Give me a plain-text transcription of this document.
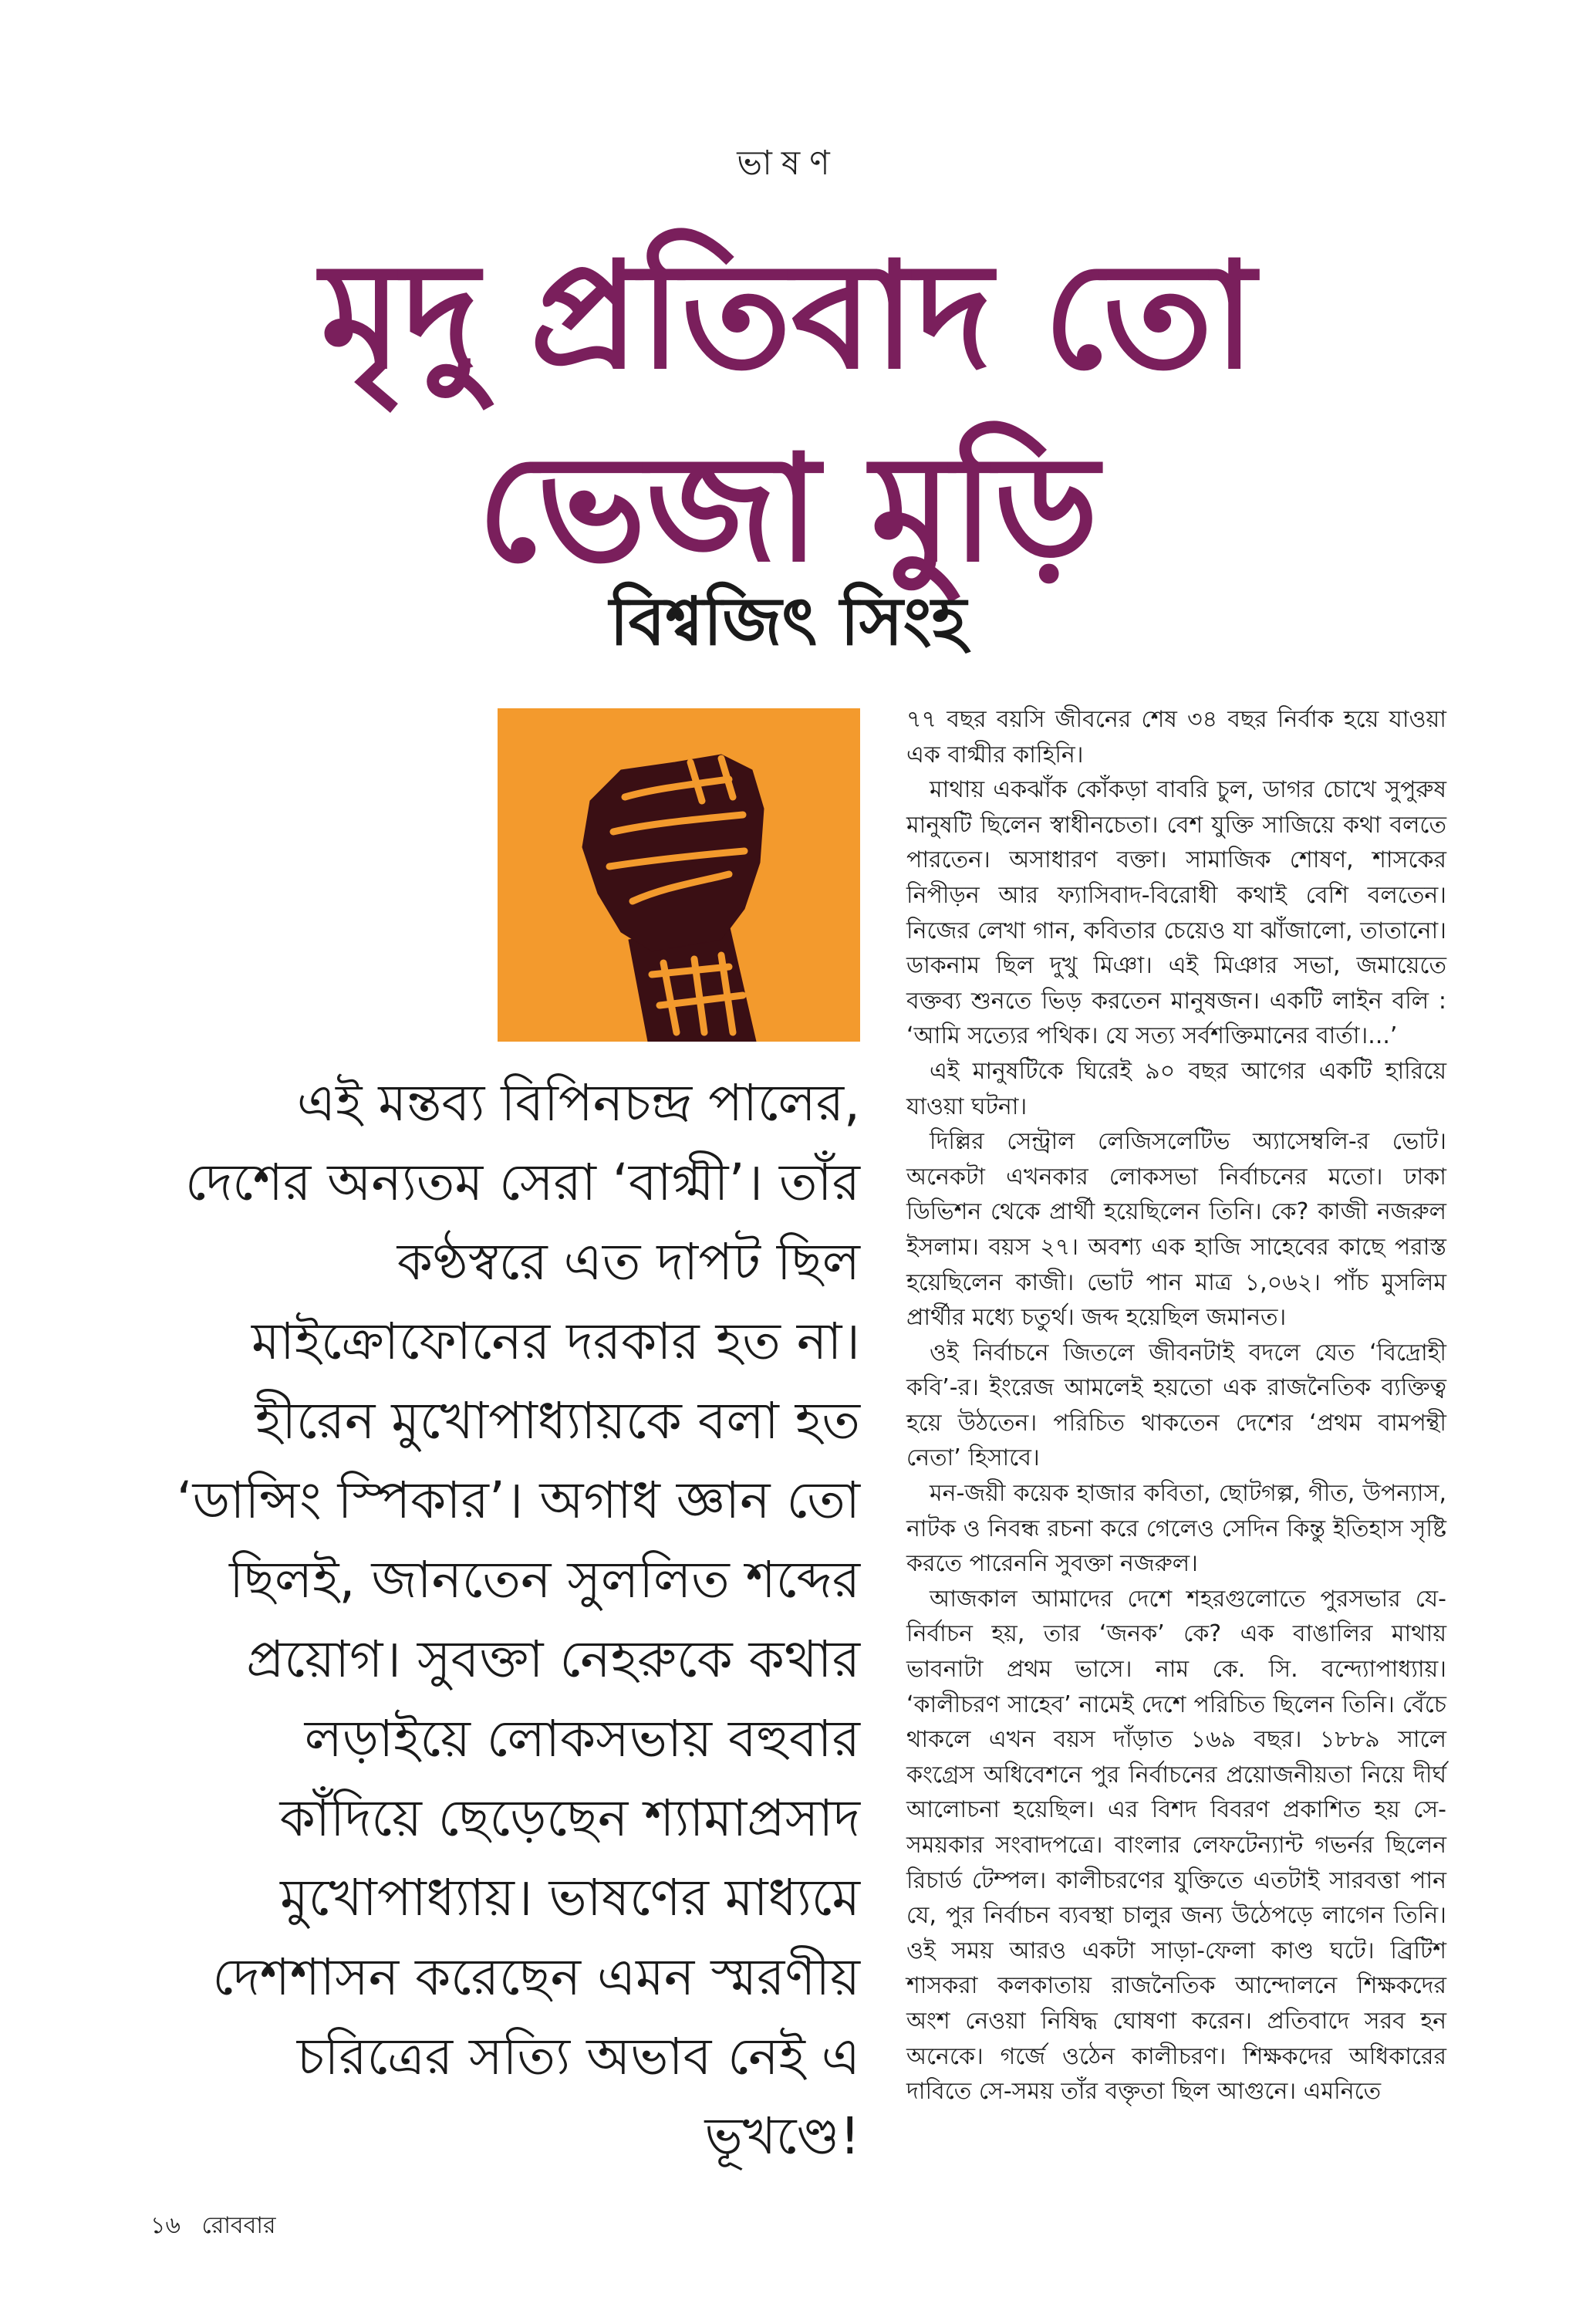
ভাষণ
মৃদু প্রতিবাদ তো
ভেজা মুড়ি
বিশ্বজিৎ সিংহ

এই মন্তব্য বিপিনচন্দ্র পালের, দেশের অন্যতম সেরা ‘বাগ্মী’। তাঁর কণ্ঠস্বরে এত দাপট ছিল মাইক্রোফোনের দরকার হত না। হীরেন মুখোপাধ্যায়কে বলা হত ‘ডান্সিং স্পিকার’। অগাধ জ্ঞান তো ছিলই, জানতেন সুললিত শব্দের প্রয়োগ। সুবক্তা নেহরুকে কথার লড়াইয়ে লোকসভায় বহুবার কাঁদিয়ে ছেড়েছেন শ্যামাপ্রসাদ মুখোপাধ্যায়। ভাষণের মাধ্যমে দেশশাসন করেছেন এমন স্মরণীয় চরিত্রের সত্যি অভাব নেই এ ভূখণ্ডে!

৭৭ বছর বয়সি জীবনের শেষ ৩৪ বছর নির্বাক হয়ে যাওয়া এক বাগ্মীর কাহিনি।

মাথায় একঝাঁক কোঁকড়া বাবরি চুল, ডাগর চোখে সুপুরুষ মানুষটি ছিলেন স্বাধীনচেতা। বেশ যুক্তি সাজিয়ে কথা বলতে পারতেন। অসাধারণ বক্তা। সামাজিক শোষণ, শাসকের নিপীড়ন আর ফ্যাসিবাদ-বিরোধী কথাই বেশি বলতেন। নিজের লেখা গান, কবিতার চেয়েও যা ঝাঁজালো, তাতানো। ডাকনাম ছিল দুখু মিঞা। এই মিঞার সভা, জমায়েতে বক্তব্য শুনতে ভিড় করতেন মানুষজন। একটি লাইন বলি : ‘আমি সত্যের পথিক। যে সত্য সর্বশক্তিমানের বার্তা।...’

এই মানুষটিকে ঘিরেই ৯০ বছর আগের একটি হারিয়ে যাওয়া ঘটনা।

দিল্লির সেন্ট্রাল লেজিসলেটিভ অ্যাসেম্বলি-র ভোট। অনেকটা এখনকার লোকসভা নির্বাচনের মতো। ঢাকা ডিভিশন থেকে প্রার্থী হয়েছিলেন তিনি। কে? কাজী নজরুল ইসলাম। বয়স ২৭। অবশ্য এক হাজি সাহেবের কাছে পরাস্ত হয়েছিলেন কাজী। ভোট পান মাত্র ১,০৬২। পাঁচ মুসলিম প্রার্থীর মধ্যে চতুর্থ। জব্দ হয়েছিল জমানত।

ওই নির্বাচনে জিতলে জীবনটাই বদলে যেত ‘বিদ্রোহী কবি’-র। ইংরেজ আমলেই হয়তো এক রাজনৈতিক ব্যক্তিত্ব হয়ে উঠতেন। পরিচিত থাকতেন দেশের ‘প্রথম বামপন্থী নেতা’ হিসাবে।

মন-জয়ী কয়েক হাজার কবিতা, ছোটগল্প, গীত, উপন্যাস, নাটক ও নিবন্ধ রচনা করে গেলেও সেদিন কিন্তু ইতিহাস সৃষ্টি করতে পারেননি সুবক্তা নজরুল।

আজকাল আমাদের দেশে শহরগুলোতে পুরসভার যে-নির্বাচন হয়, তার ‘জনক’ কে? এক বাঙালির মাথায় ভাবনাটা প্রথম ভাসে। নাম কে. সি. বন্দ্যোপাধ্যায়। ‘কালীচরণ সাহেব’ নামেই দেশে পরিচিত ছিলেন তিনি। বেঁচে থাকলে এখন বয়স দাঁড়াত ১৬৯ বছর। ১৮৮৯ সালে কংগ্রেস অধিবেশনে পুর নির্বাচনের প্রয়োজনীয়তা নিয়ে দীর্ঘ আলোচনা হয়েছিল। এর বিশদ বিবরণ প্রকাশিত হয় সে-সময়কার সংবাদপত্রে। বাংলার লেফটেন্যান্ট গভর্নর ছিলেন রিচার্ড টেম্পল। কালীচরণের যুক্তিতে এতটাই সারবত্তা পান যে, পুর নির্বাচন ব্যবস্থা চালুর জন্য উঠেপড়ে লাগেন তিনি। ওই সময় আরও একটা সাড়া-ফেলা কাণ্ড ঘটে। ব্রিটিশ শাসকরা কলকাতায় রাজনৈতিক আন্দোলনে শিক্ষকদের অংশ নেওয়া নিষিদ্ধ ঘোষণা করেন। প্রতিবাদে সরব হন অনেকে। গর্জে ওঠেন কালীচরণ। শিক্ষকদের অধিকারের দাবিতে সে-সময় তাঁর বক্তৃতা ছিল আগুনে। এমনিতে

১৬ রোববার
